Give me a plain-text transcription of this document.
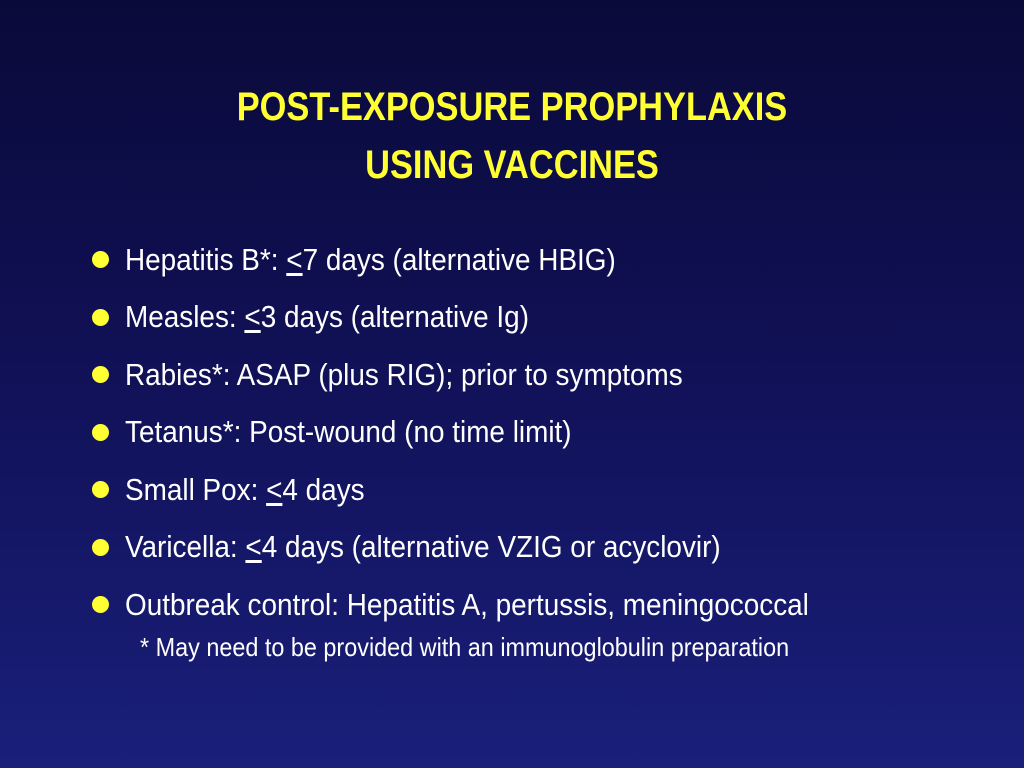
POST-EXPOSURE PROPHYLAXIS
USING VACCINES
Hepatitis B*: <7 days (alternative HBIG)
Measles: <3 days (alternative Ig)
Rabies*: ASAP (plus RIG); prior to symptoms
Tetanus*: Post-wound (no time limit)
Small Pox: <4 days
Varicella: <4 days (alternative VZIG or acyclovir)
Outbreak control: Hepatitis A, pertussis, meningococcal
* May need to be provided with an immunoglobulin preparation
